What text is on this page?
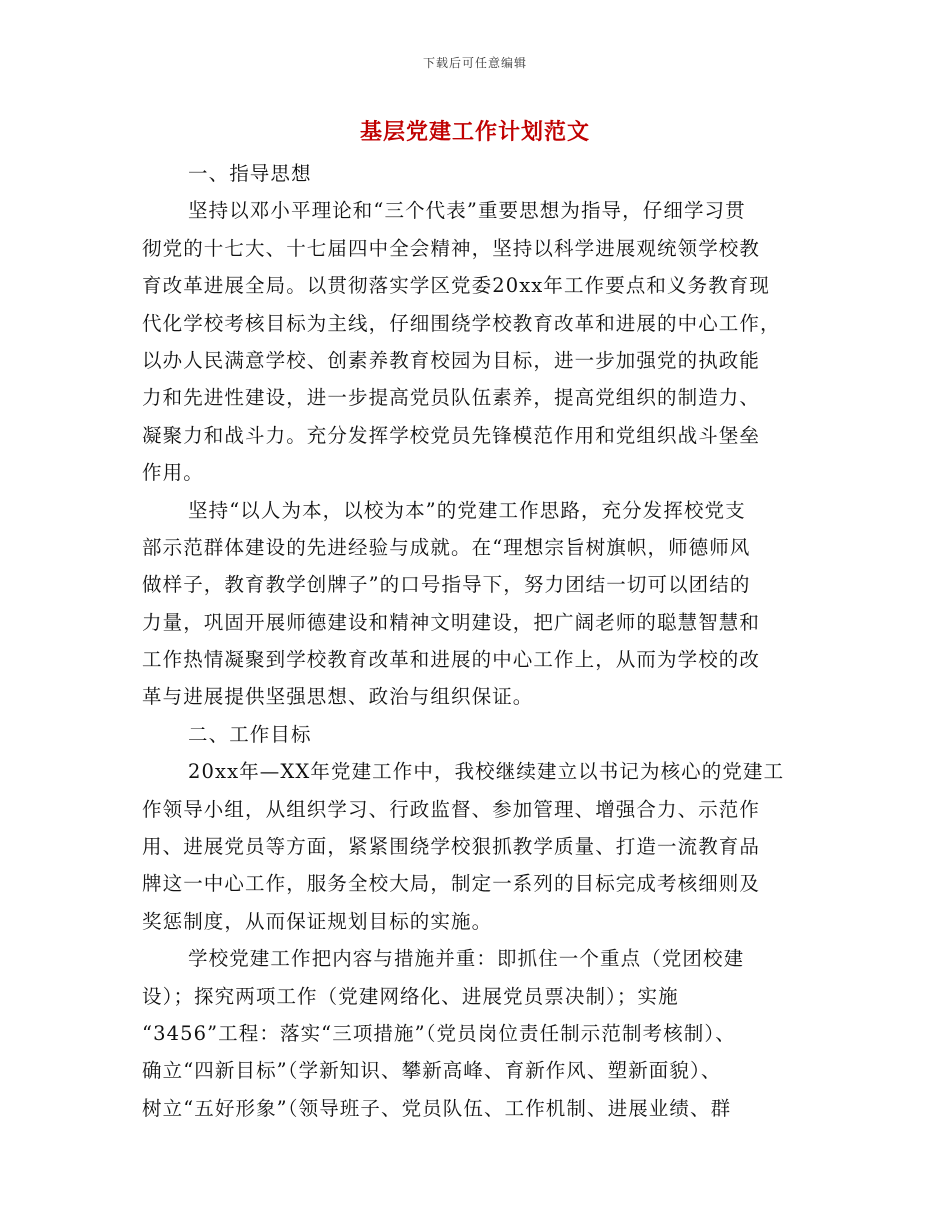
下载后可任意编辑
基层党建工作计划范文
一、指导思想
坚持以邓小平理论和“三个代表”重要思想为指导，仔细学习贯
彻党的十七大、十七届四中全会精神，坚持以科学进展观统领学校教
育改革进展全局。以贯彻落实学区党委20xx年工作要点和义务教育现
代化学校考核目标为主线，仔细围绕学校教育改革和进展的中心工作，
以办人民满意学校、创素养教育校园为目标，进一步加强党的执政能
力和先进性建设，进一步提高党员队伍素养，提高党组织的制造力、
凝聚力和战斗力。充分发挥学校党员先锋模范作用和党组织战斗堡垒
作用。
坚持“以人为本，以校为本”的党建工作思路，充分发挥校党支
部示范群体建设的先进经验与成就。在“理想宗旨树旗帜，师德师风
做样子，教育教学创牌子”的口号指导下，努力团结一切可以团结的
力量，巩固开展师德建设和精神文明建设，把广阔老师的聪慧智慧和
工作热情凝聚到学校教育改革和进展的中心工作上，从而为学校的改
革与进展提供坚强思想、政治与组织保证。
二、工作目标
20xx年—XX年党建工作中，我校继续建立以书记为核心的党建工
作领导小组，从组织学习、行政监督、参加管理、增强合力、示范作
用、进展党员等方面，紧紧围绕学校狠抓教学质量、打造一流教育品
牌这一中心工作，服务全校大局，制定一系列的目标完成考核细则及
奖惩制度，从而保证规划目标的实施。
学校党建工作把内容与措施并重：即抓住一个重点（党团校建
设）；探究两项工作（党建网络化、进展党员票决制）；实施
“3456”工程：落实“三项措施”（党员岗位责任制示范制考核制）、
确立“四新目标”（学新知识、攀新高峰、育新作风、塑新面貌）、
树立“五好形象”（领导班子、党员队伍、工作机制、进展业绩、群
